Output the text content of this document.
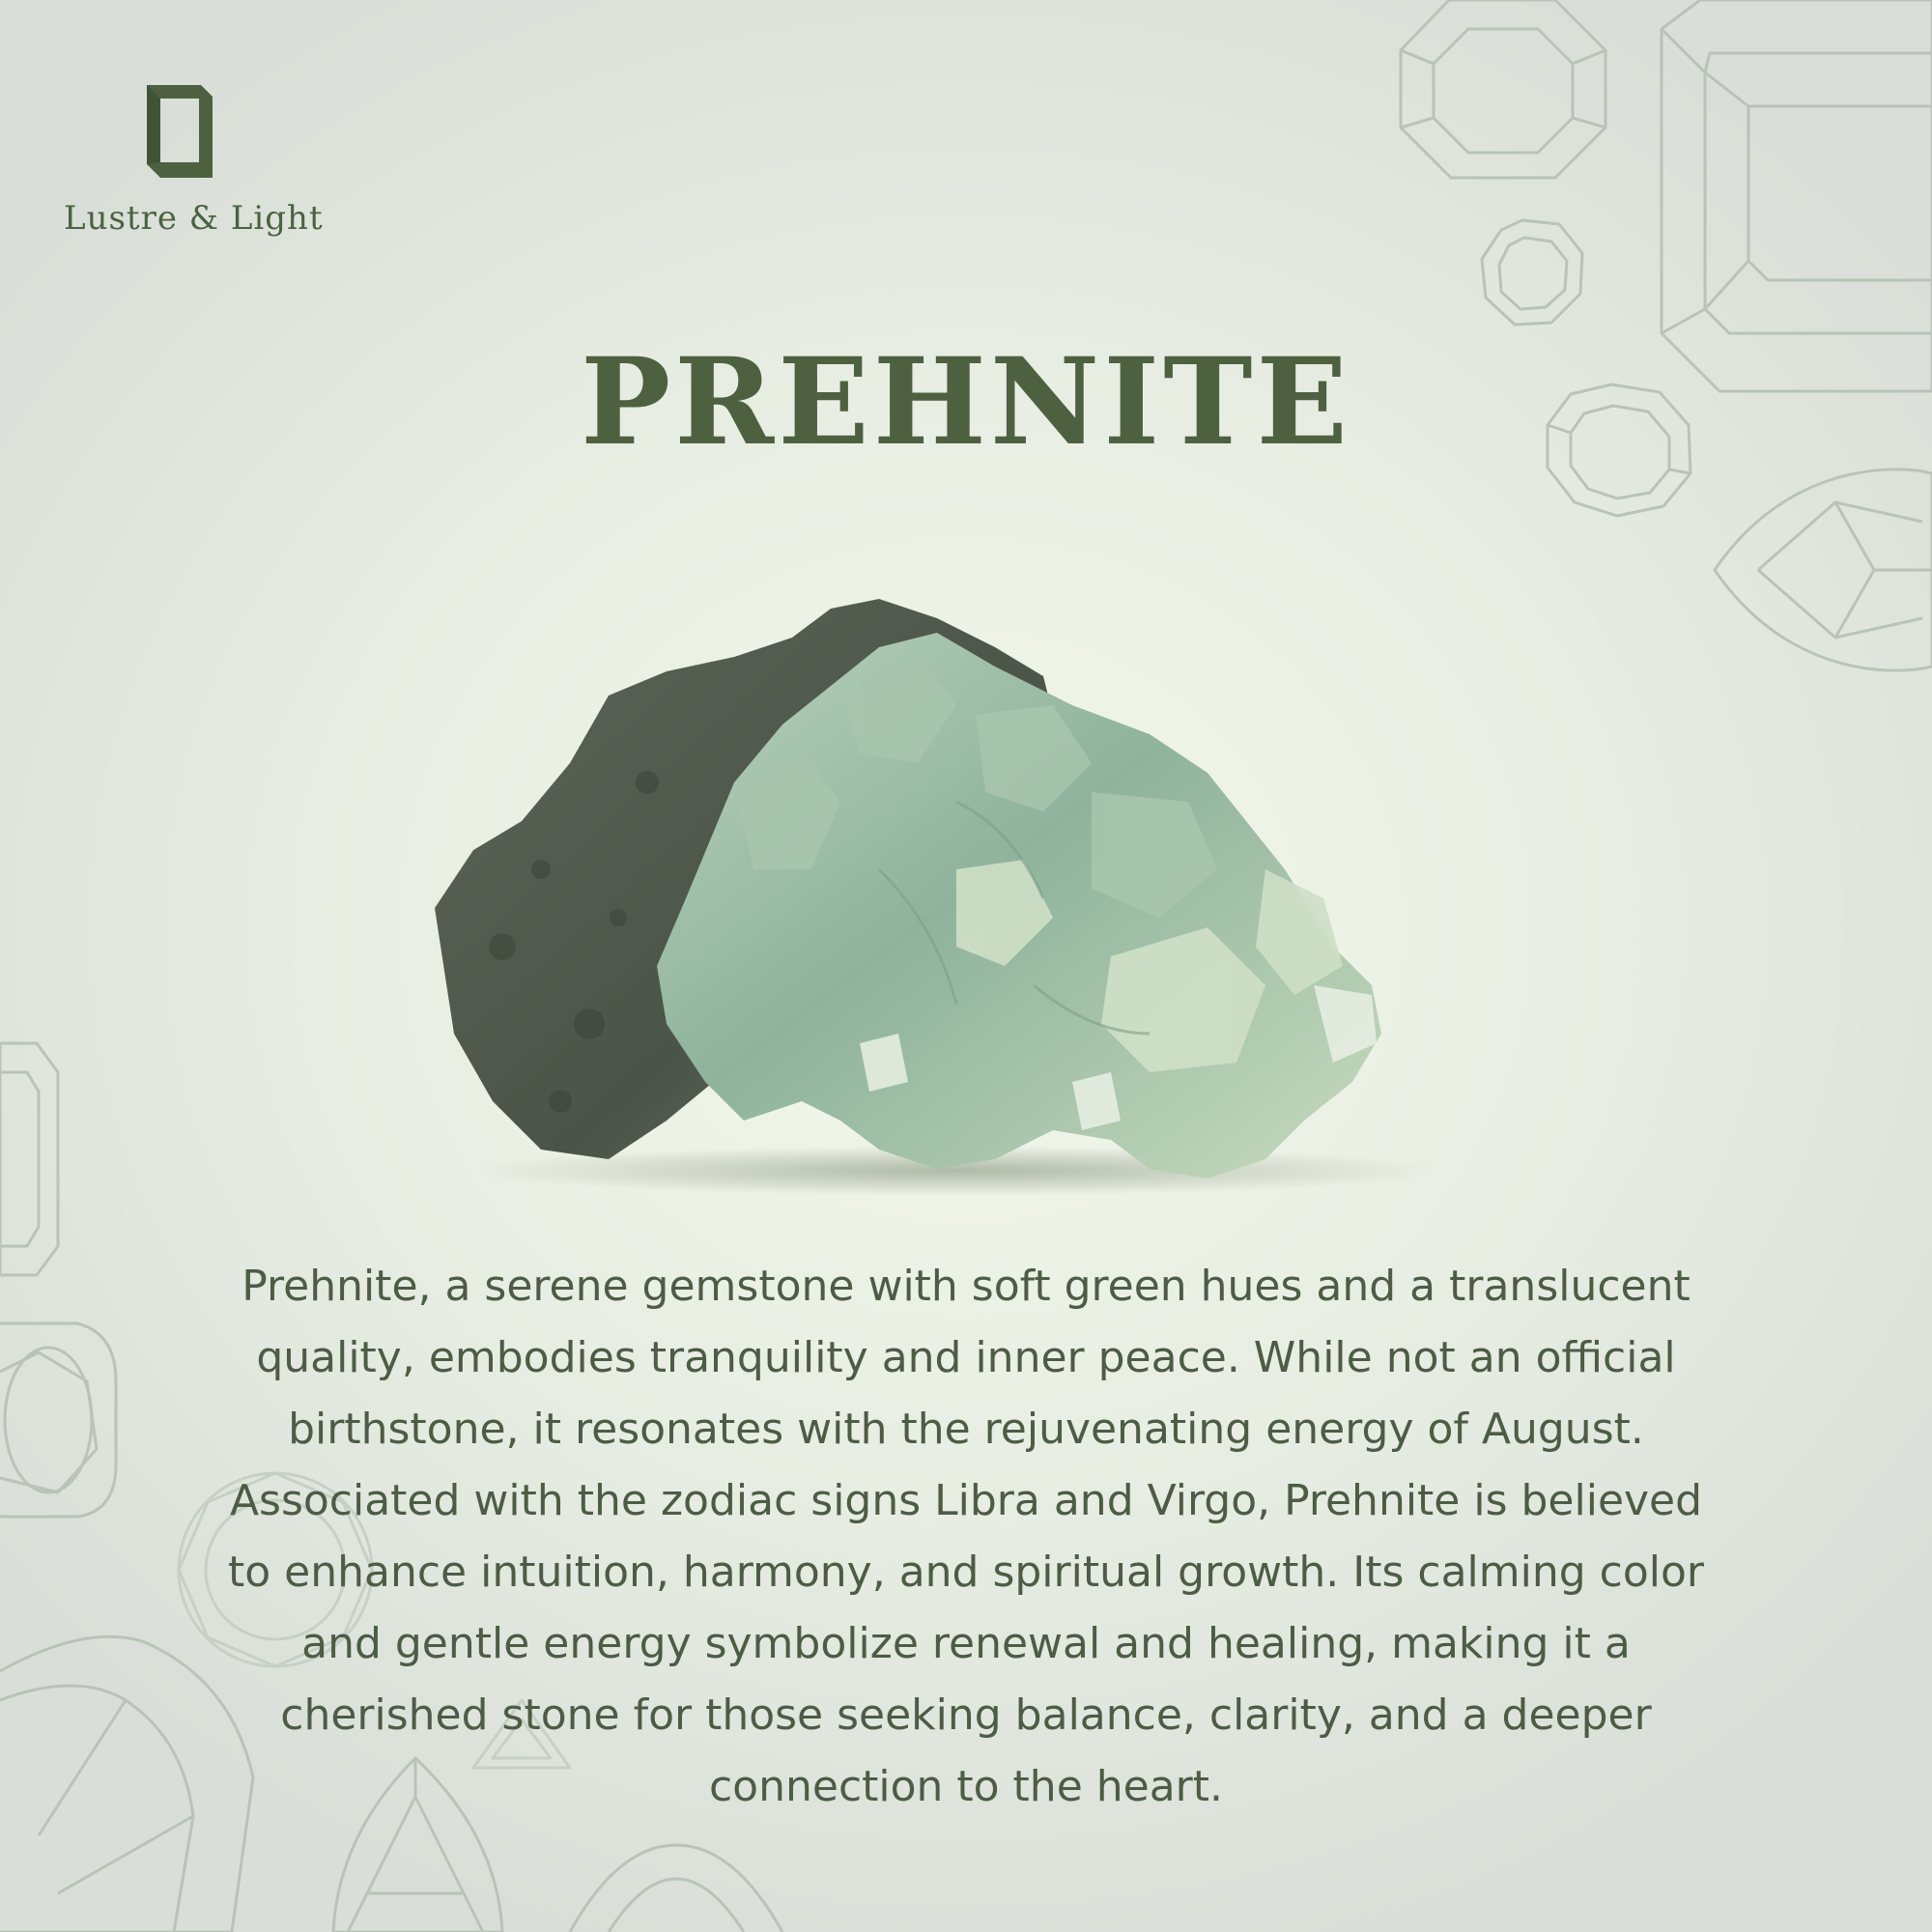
Lustre & Light
PREHNITE

Prehnite, a serene gemstone with soft green hues and a translucent
quality, embodies tranquility and inner peace. While not an official
birthstone, it resonates with the rejuvenating energy of August.
Associated with the zodiac signs Libra and Virgo, Prehnite is believed
to enhance intuition, harmony, and spiritual growth. Its calming color
and gentle energy symbolize renewal and healing, making it a
cherished stone for those seeking balance, clarity, and a deeper
connection to the heart.
